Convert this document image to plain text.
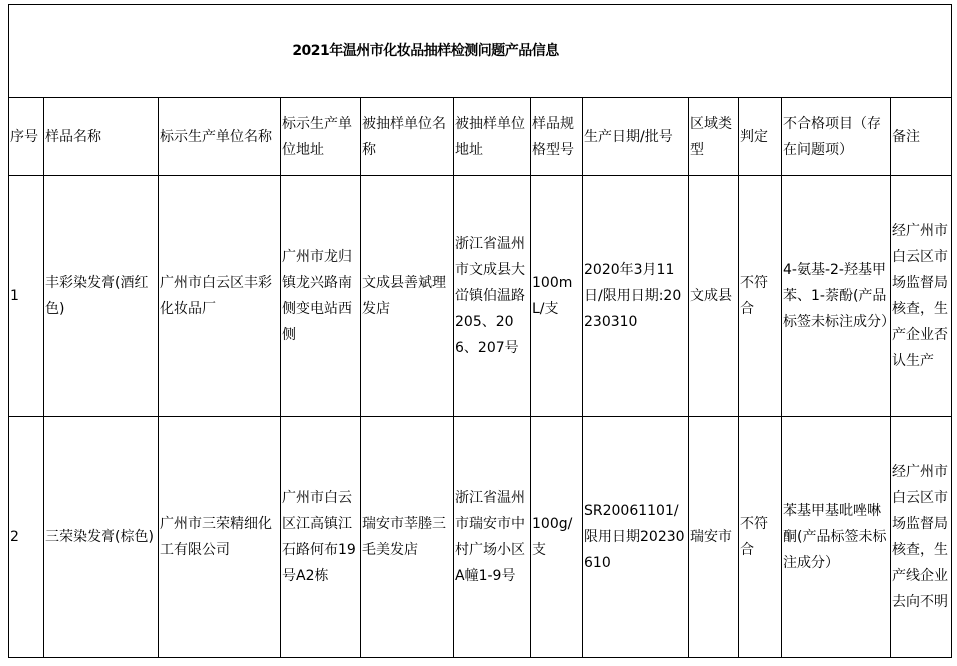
2021年温州市化妆品抽样检测问题产品信息											
序号	样品名称	标示生产单位名称	标示生产单位地址	被抽样单位名称	被抽样单位地址	样品规格型号	生产日期/批号	区域类型	判定	不合格项目（存在问题项）	备注
1	丰彩染发膏(酒红色)	广州市白云区丰彩化妆品厂	广州市龙归镇龙兴路南侧变电站西侧	文成县善斌理发店	浙江省温州市文成县大峃镇伯温路205、206、207号	100mL/支	2020年3月11日/限用日期:20230310	文成县	不符合	4-氨基-2-羟基甲苯、1-萘酚(产品标签未标注成分）	经广州市白云区市场监督局核查，生产企业否认生产
2	三荣染发膏(棕色)	广州市三荣精细化工有限公司	广州市白云区江高镇江石路何布19号A2栋	瑞安市莘塍三毛美发店	浙江省温州市瑞安市中村广场小区A幢1-9号	100g/支	SR20061101/限用日期20230610	瑞安市	不符合	苯基甲基吡唑啉酮(产品标签未标注成分）	经广州市白云区市场监督局核查，生产线企业去向不明
